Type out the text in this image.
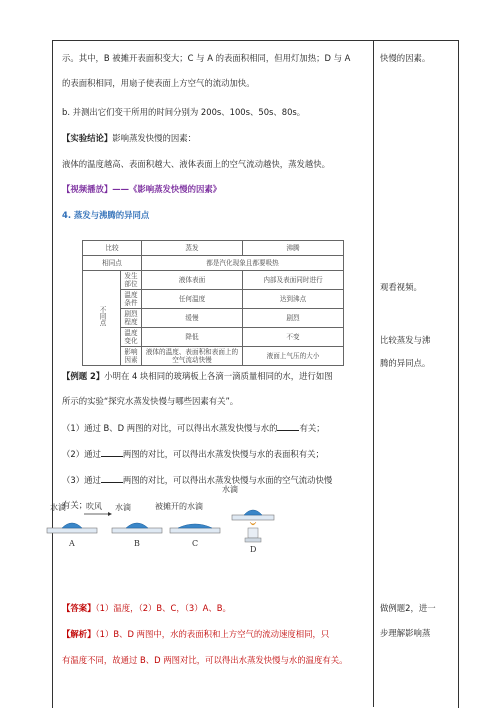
示。其中，B 被摊开表面积变大；C 与 A 的表面积相同，但用灯加热；D 与 A
的表面积相同，用扇子使表面上方空气的流动加快。
b. 并测出它们变干所用的时间分别为 200s、100s、50s、80s。
【实验结论】影响蒸发快慢的因素：
液体的温度越高、表面积越大、液体表面上的空气流动越快，蒸发越快。
【视频播放】——《影响蒸发快慢的因素》
4. 蒸发与沸腾的异同点
比较		蒸发	沸腾
相同点		都是汽化现象且都要吸热	
不同点	发生部位	液体表面	内部及表面同时进行
	温度条件	任何温度	达到沸点
	剧烈程度	缓慢	剧烈
	温度变化	降低	不变
	影响因素	液体的温度、表面积和表面上的空气流动快慢	液面上气压的大小
【例题 2】小明在 4 块相同的玻璃板上各滴一滴质量相同的水，进行如图
所示的实验“探究水蒸发快慢与哪些因素有关”。
（1）通过 B、D 两图的对比，可以得出水蒸发快慢与水的	有关；
（2）通过	两图的对比，可以得出水蒸发快慢与水的表面积有关；
（3）通过	两图的对比，可以得出水蒸发快慢与水面的空气流动快慢
有关；
【答案】（1）温度，（2）B、C，（3）A、B。
【解析】（1）B、D 两图中，水的表面积和上方空气的流动速度相同，只
有温度不同，故通过 B、D 两图对比，可以得出水蒸发快慢与水的温度有关。
水滴	吹风 水滴	被摊开的水滴
水滴
A	B	C
D
快慢的因素。
观看视频。
比较蒸发与沸
腾的异同点。
做例题2，进一
步理解影响蒸
